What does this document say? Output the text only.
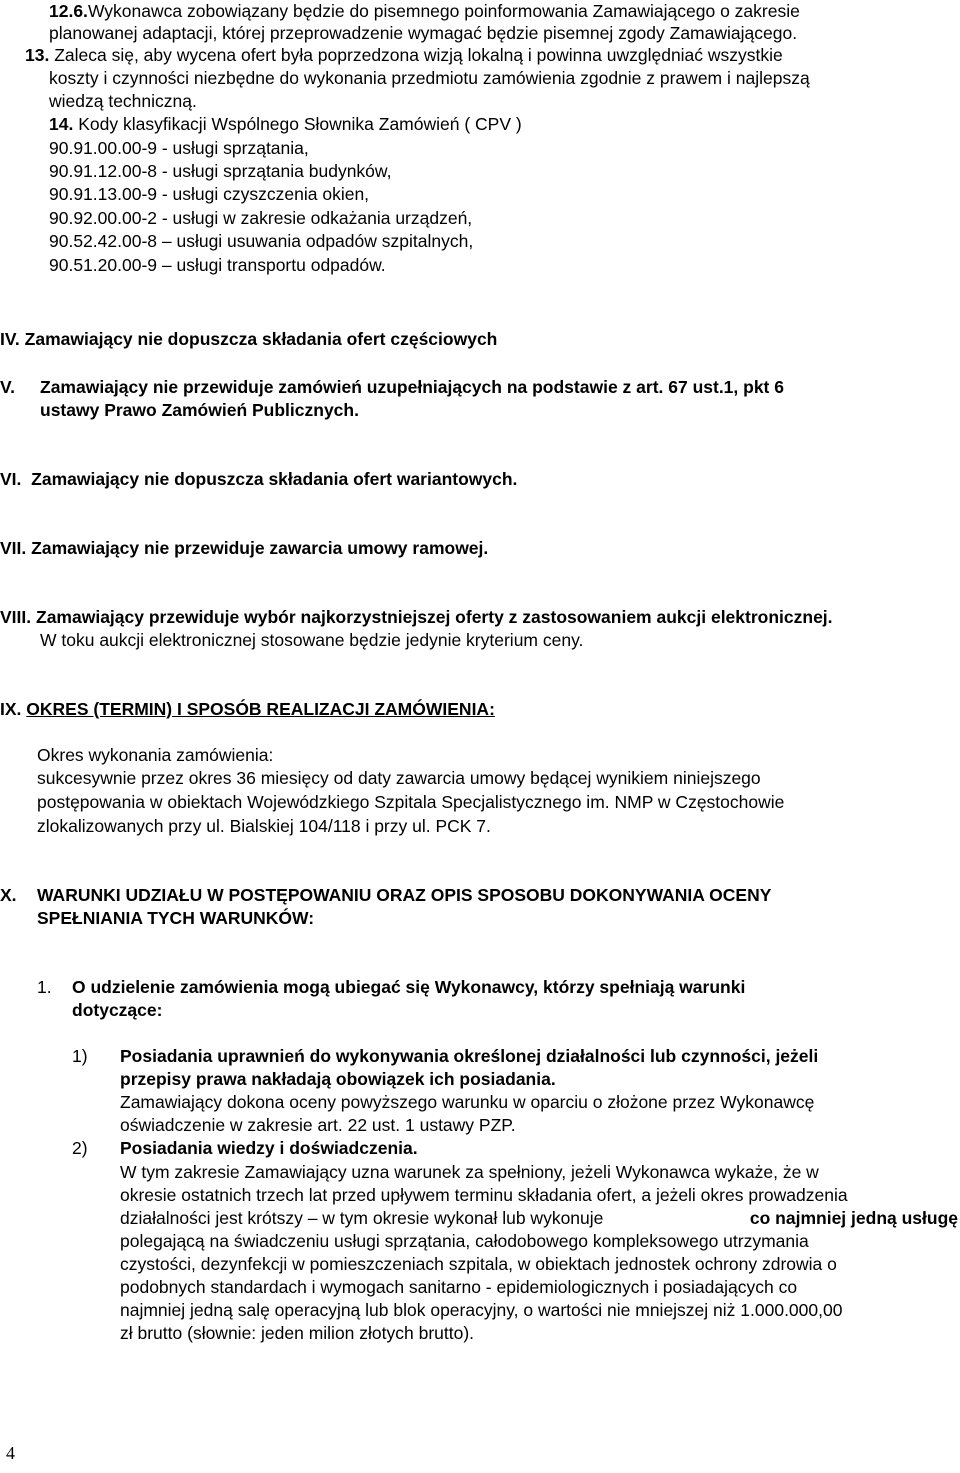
12.6.Wykonawca zobowiązany będzie do pisemnego poinformowania Zamawiającego o zakresie
planowanej adaptacji, której przeprowadzenie wymagać będzie pisemnej zgody Zamawiającego.
13. Zaleca się, aby wycena ofert była poprzedzona wizją lokalną i powinna uwzględniać wszystkie
koszty i czynności niezbędne do wykonania przedmiotu zamówienia zgodnie z prawem i najlepszą
wiedzą techniczną.
14. Kody klasyfikacji Wspólnego Słownika Zamówień ( CPV )
90.91.00.00-9 - usługi sprzątania,
90.91.12.00-8 - usługi sprzątania budynków,
90.91.13.00-9 - usługi czyszczenia okien,
90.92.00.00-2 - usługi w zakresie odkażania urządzeń,
90.52.42.00-8 – usługi usuwania odpadów szpitalnych,
90.51.20.00-9 – usługi transportu odpadów.
IV. Zamawiający nie dopuszcza składania ofert częściowych
V. Zamawiający nie przewiduje zamówień uzupełniających na podstawie z art. 67 ust.1, pkt 6
ustawy Prawo Zamówień Publicznych.
VI. Zamawiający nie dopuszcza składania ofert wariantowych.
VII. Zamawiający nie przewiduje zawarcia umowy ramowej.
VIII. Zamawiający przewiduje wybór najkorzystniejszej oferty z zastosowaniem aukcji elektronicznej.
W toku aukcji elektronicznej stosowane będzie jedynie kryterium ceny.
IX. OKRES (TERMIN) I SPOSÓB REALIZACJI ZAMÓWIENIA:
Okres wykonania zamówienia:
sukcesywnie przez okres 36 miesięcy od daty zawarcia umowy będącej wynikiem niniejszego
postępowania w obiektach Wojewódzkiego Szpitala Specjalistycznego im. NMP w Częstochowie
zlokalizowanych przy ul. Bialskiej 104/118 i przy ul. PCK 7.
X. WARUNKI UDZIAŁU W POSTĘPOWANIU ORAZ OPIS SPOSOBU DOKONYWANIA OCENY
SPEŁNIANIA TYCH WARUNKÓW:
1. O udzielenie zamówienia mogą ubiegać się Wykonawcy, którzy spełniają warunki
dotyczące:
1) Posiadania uprawnień do wykonywania określonej działalności lub czynności, jeżeli
przepisy prawa nakładają obowiązek ich posiadania.
Zamawiający dokona oceny powyższego warunku w oparciu o złożone przez Wykonawcę
oświadczenie w zakresie art. 22 ust. 1 ustawy PZP.
2) Posiadania wiedzy i doświadczenia.
W tym zakresie Zamawiający uzna warunek za spełniony, jeżeli Wykonawca wykaże, że w
okresie ostatnich trzech lat przed upływem terminu składania ofert, a jeżeli okres prowadzenia
działalności jest krótszy – w tym okresie wykonał lub wykonuje	co najmniej jedną usługę
polegającą na świadczeniu usługi sprzątania, całodobowego kompleksowego utrzymania
czystości, dezynfekcji w pomieszczeniach szpitala, w obiektach jednostek ochrony zdrowia o
podobnych standardach i wymogach sanitarno - epidemiologicznych i posiadających co
najmniej jedną salę operacyjną lub blok operacyjny, o wartości nie mniejszej niż 1.000.000,00
zł brutto (słownie: jeden milion złotych brutto).
4
